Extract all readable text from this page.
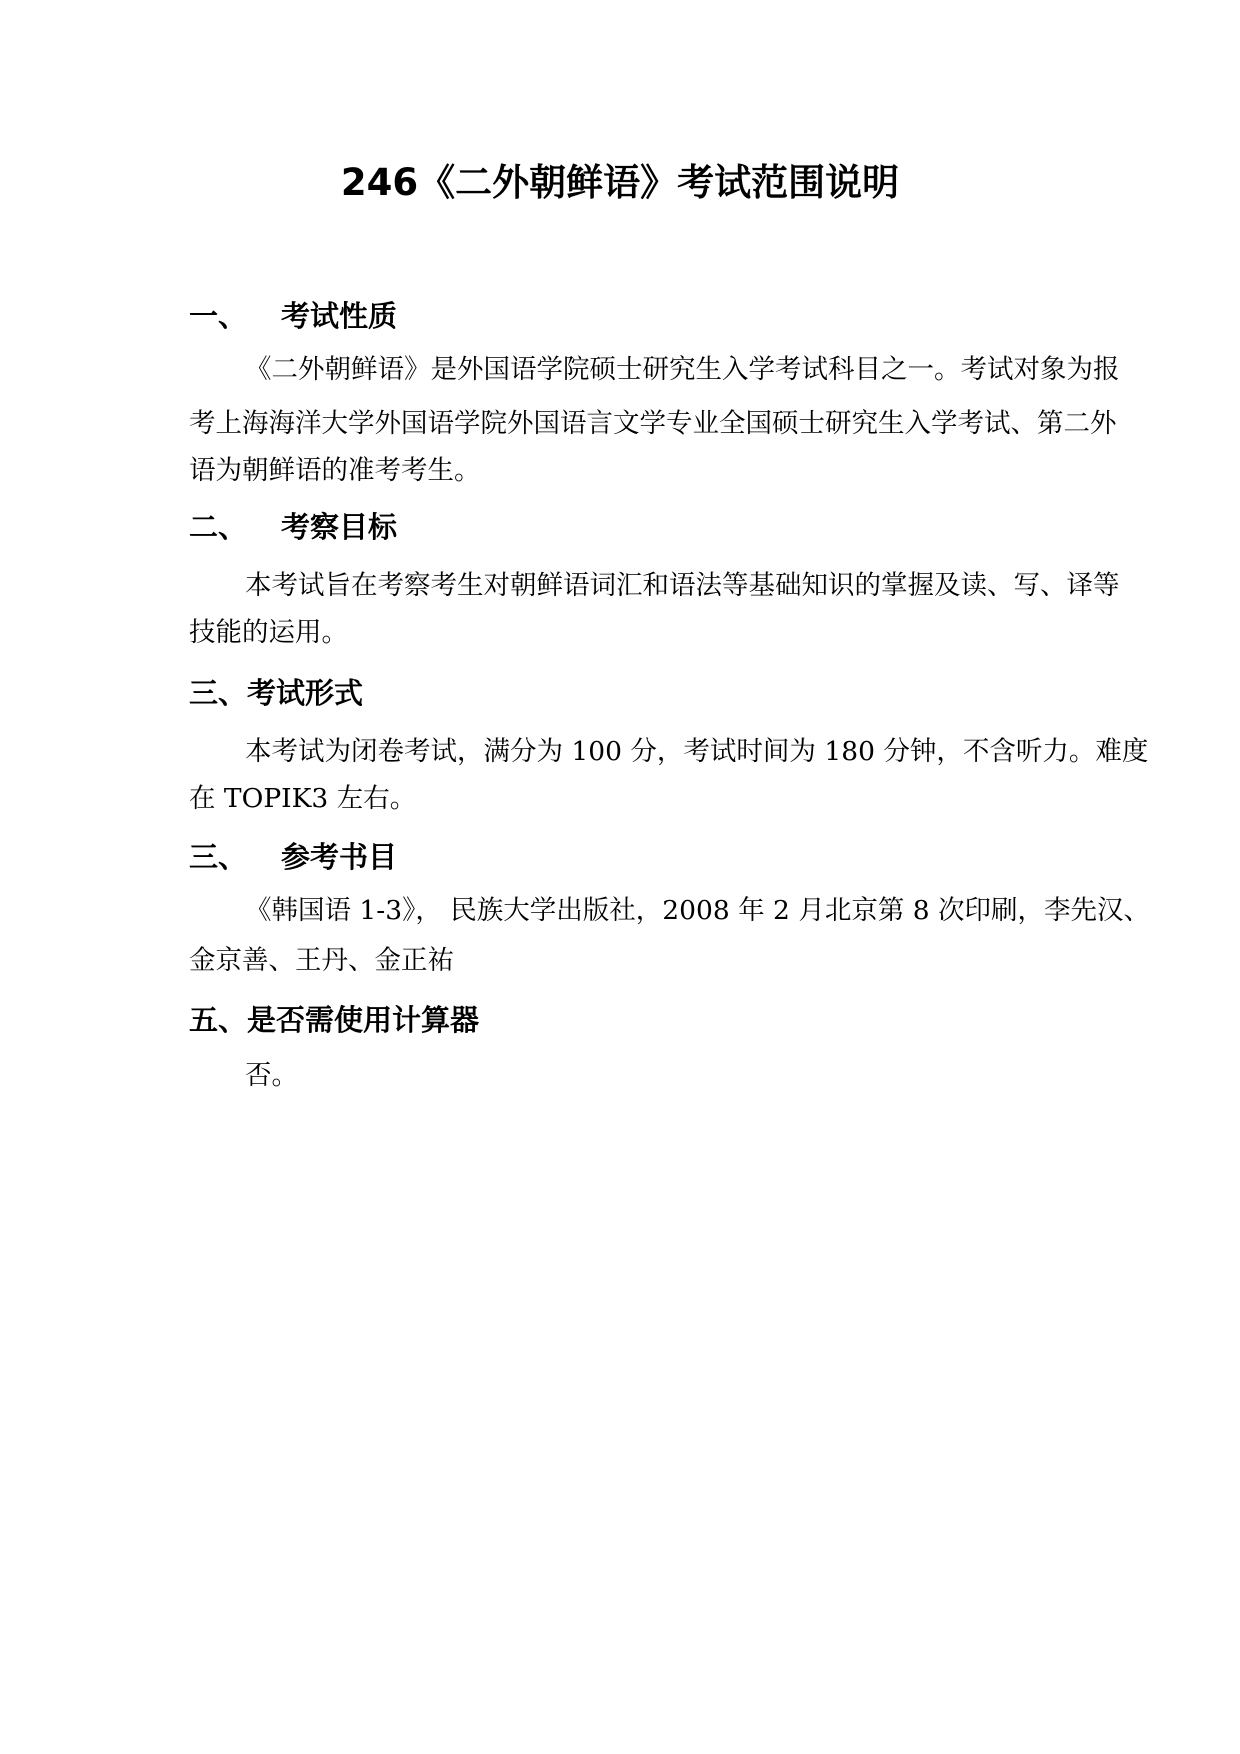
246《二外朝鲜语》考试范围说明
一、 考试性质
《二外朝鲜语》是外国语学院硕士研究生入学考试科目之一。考试对象为报
考上海海洋大学外国语学院外国语言文学专业全国硕士研究生入学考试、第二外
语为朝鲜语的准考考生。
二、 考察目标
本考试旨在考察考生对朝鲜语词汇和语法等基础知识的掌握及读、写、译等
技能的运用。
三、考试形式
本考试为闭卷考试，满分为 100 分，考试时间为 180 分钟，不含听力。难度
在 TOPIK3 左右。
三、 参考书目
《韩国语 1-3》， 民族大学出版社，2008 年 2 月北京第 8 次印刷，李先汉、
金京善、王丹、金正祐
五、是否需使用计算器
否。
